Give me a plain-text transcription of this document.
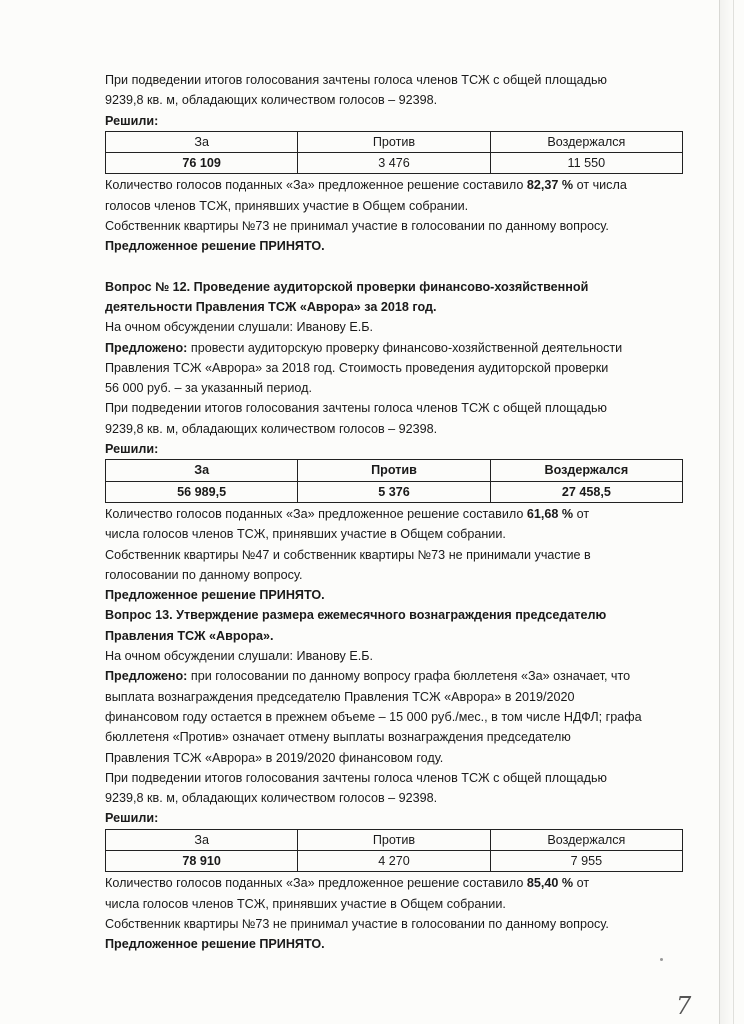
При подведении итогов голосования зачтены голоса членов ТСЖ с общей площадью

9239,8 кв. м, обладающих количеством голосов – 92398.

Решили:

За	Против	Воздержался
76 109	3 476	11 550

Количество голосов поданных «За» предложенное решение составило 82,37 % от числа

голосов членов ТСЖ, принявших участие в Общем собрании.

Собственник квартиры №73 не принимал участие в голосовании по данному вопросу.

Предложенное решение ПРИНЯТО.

Вопрос № 12. Проведение аудиторской проверки финансово-хозяйственной

деятельности Правления ТСЖ «Аврора» за 2018 год.

На очном обсуждении слушали: Иванову Е.Б.

Предложено: провести аудиторскую проверку финансово-хозяйственной деятельности

Правления ТСЖ «Аврора» за 2018 год. Стоимость проведения аудиторской проверки

56 000 руб. – за указанный период.

При подведении итогов голосования зачтены голоса членов ТСЖ с общей площадью

9239,8 кв. м, обладающих количеством голосов – 92398.

Решили:

За	Против	Воздержался
56 989,5	5 376	27 458,5

Количество голосов поданных «За» предложенное решение составило 61,68 % от

числа голосов членов ТСЖ, принявших участие в Общем собрании.

Собственник квартиры №47 и собственник квартиры №73 не принимали участие в

голосовании по данному вопросу.

Предложенное решение ПРИНЯТО.

Вопрос 13. Утверждение размера ежемесячного вознаграждения председателю

Правления ТСЖ «Аврора».

На очном обсуждении слушали: Иванову Е.Б.

Предложено: при голосовании по данному вопросу графа бюллетеня «За» означает, что

выплата вознаграждения председателю Правления ТСЖ «Аврора» в 2019/2020

финансовом году остается в прежнем объеме – 15 000 руб./мес., в том числе НДФЛ; графа

бюллетеня «Против» означает отмену выплаты вознаграждения председателю

Правления ТСЖ «Аврора» в 2019/2020 финансовом году.

При подведении итогов голосования зачтены голоса членов ТСЖ с общей площадью

9239,8 кв. м, обладающих количеством голосов – 92398.

Решили:

За	Против	Воздержался
78 910	4 270	7 955

Количество голосов поданных «За» предложенное решение составило 85,40 % от

числа голосов членов ТСЖ, принявших участие в Общем собрании.

Собственник квартиры №73 не принимал участие в голосовании по данному вопросу.

Предложенное решение ПРИНЯТО.

7
